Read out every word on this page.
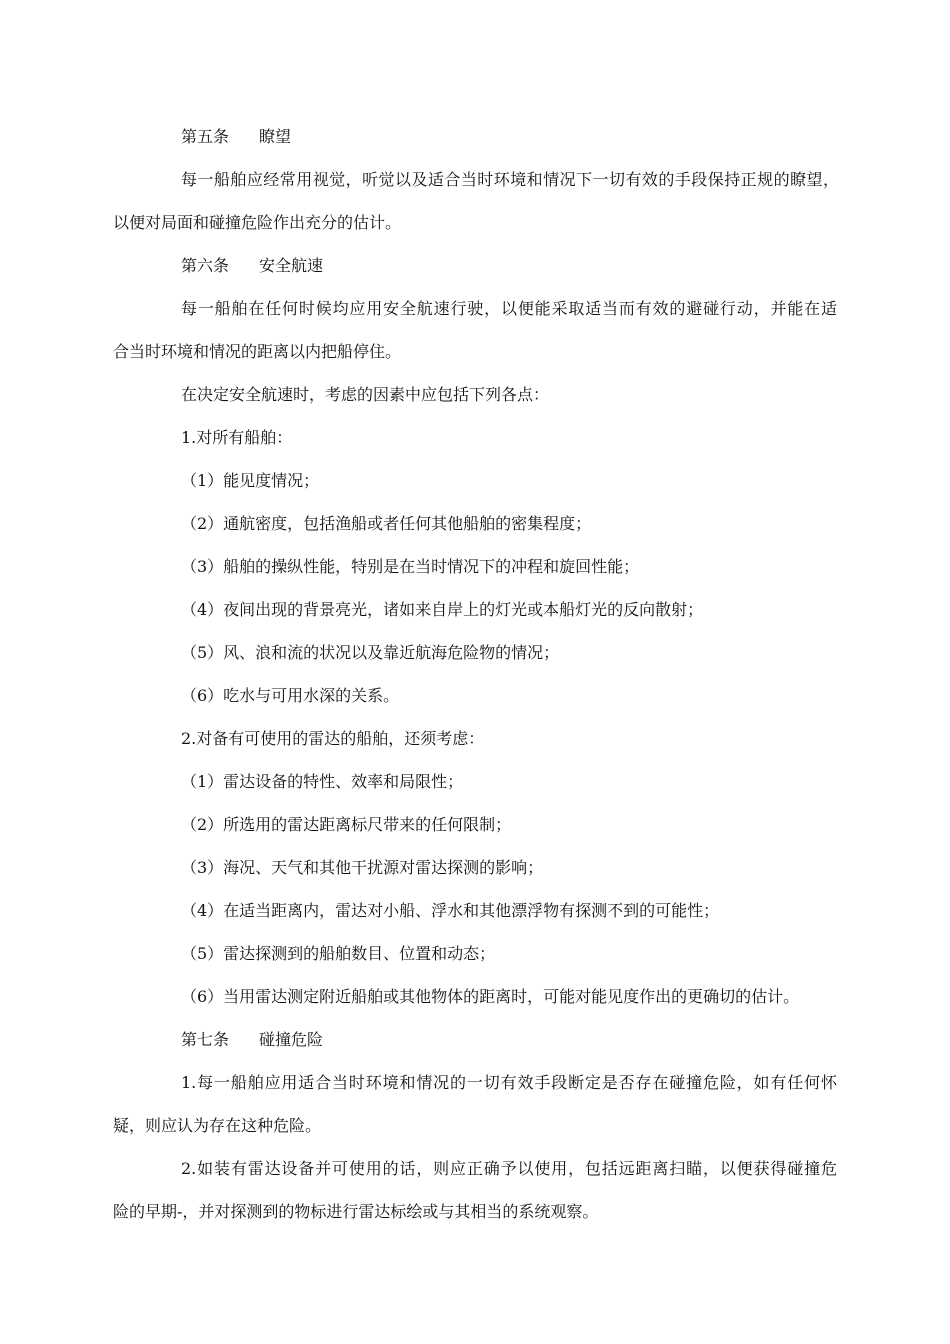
第五条 瞭望
每一船舶应经常用视觉，听觉以及适合当时环境和情况下一切有效的手段保持正规的瞭望，
以便对局面和碰撞危险作出充分的估计。
第六条 安全航速
每一船舶在任何时候均应用安全航速行驶，以便能采取适当而有效的避碰行动，并能在适
合当时环境和情况的距离以内把船停住。
在决定安全航速时，考虑的因素中应包括下列各点：
1.对所有船舶：
（1）能见度情况；
（2）通航密度，包括渔船或者任何其他船舶的密集程度；
（3）船舶的操纵性能，特别是在当时情况下的冲程和旋回性能；
（4）夜间出现的背景亮光，诸如来自岸上的灯光或本船灯光的反向散射；
（5）风、浪和流的状况以及靠近航海危险物的情况；
（6）吃水与可用水深的关系。
2.对备有可使用的雷达的船舶，还须考虑：
（1）雷达设备的特性、效率和局限性；
（2）所选用的雷达距离标尺带来的任何限制；
（3）海况、天气和其他干扰源对雷达探测的影响；
（4）在适当距离内，雷达对小船、浮水和其他漂浮物有探测不到的可能性；
（5）雷达探测到的船舶数目、位置和动态；
（6）当用雷达测定附近船舶或其他物体的距离时，可能对能见度作出的更确切的估计。
第七条 碰撞危险
1.每一船舶应用适合当时环境和情况的一切有效手段断定是否存在碰撞危险，如有任何怀
疑，则应认为存在这种危险。
2.如装有雷达设备并可使用的话，则应正确予以使用，包括远距离扫瞄，以便获得碰撞危
险的早期-，并对探测到的物标进行雷达标绘或与其相当的系统观察。
